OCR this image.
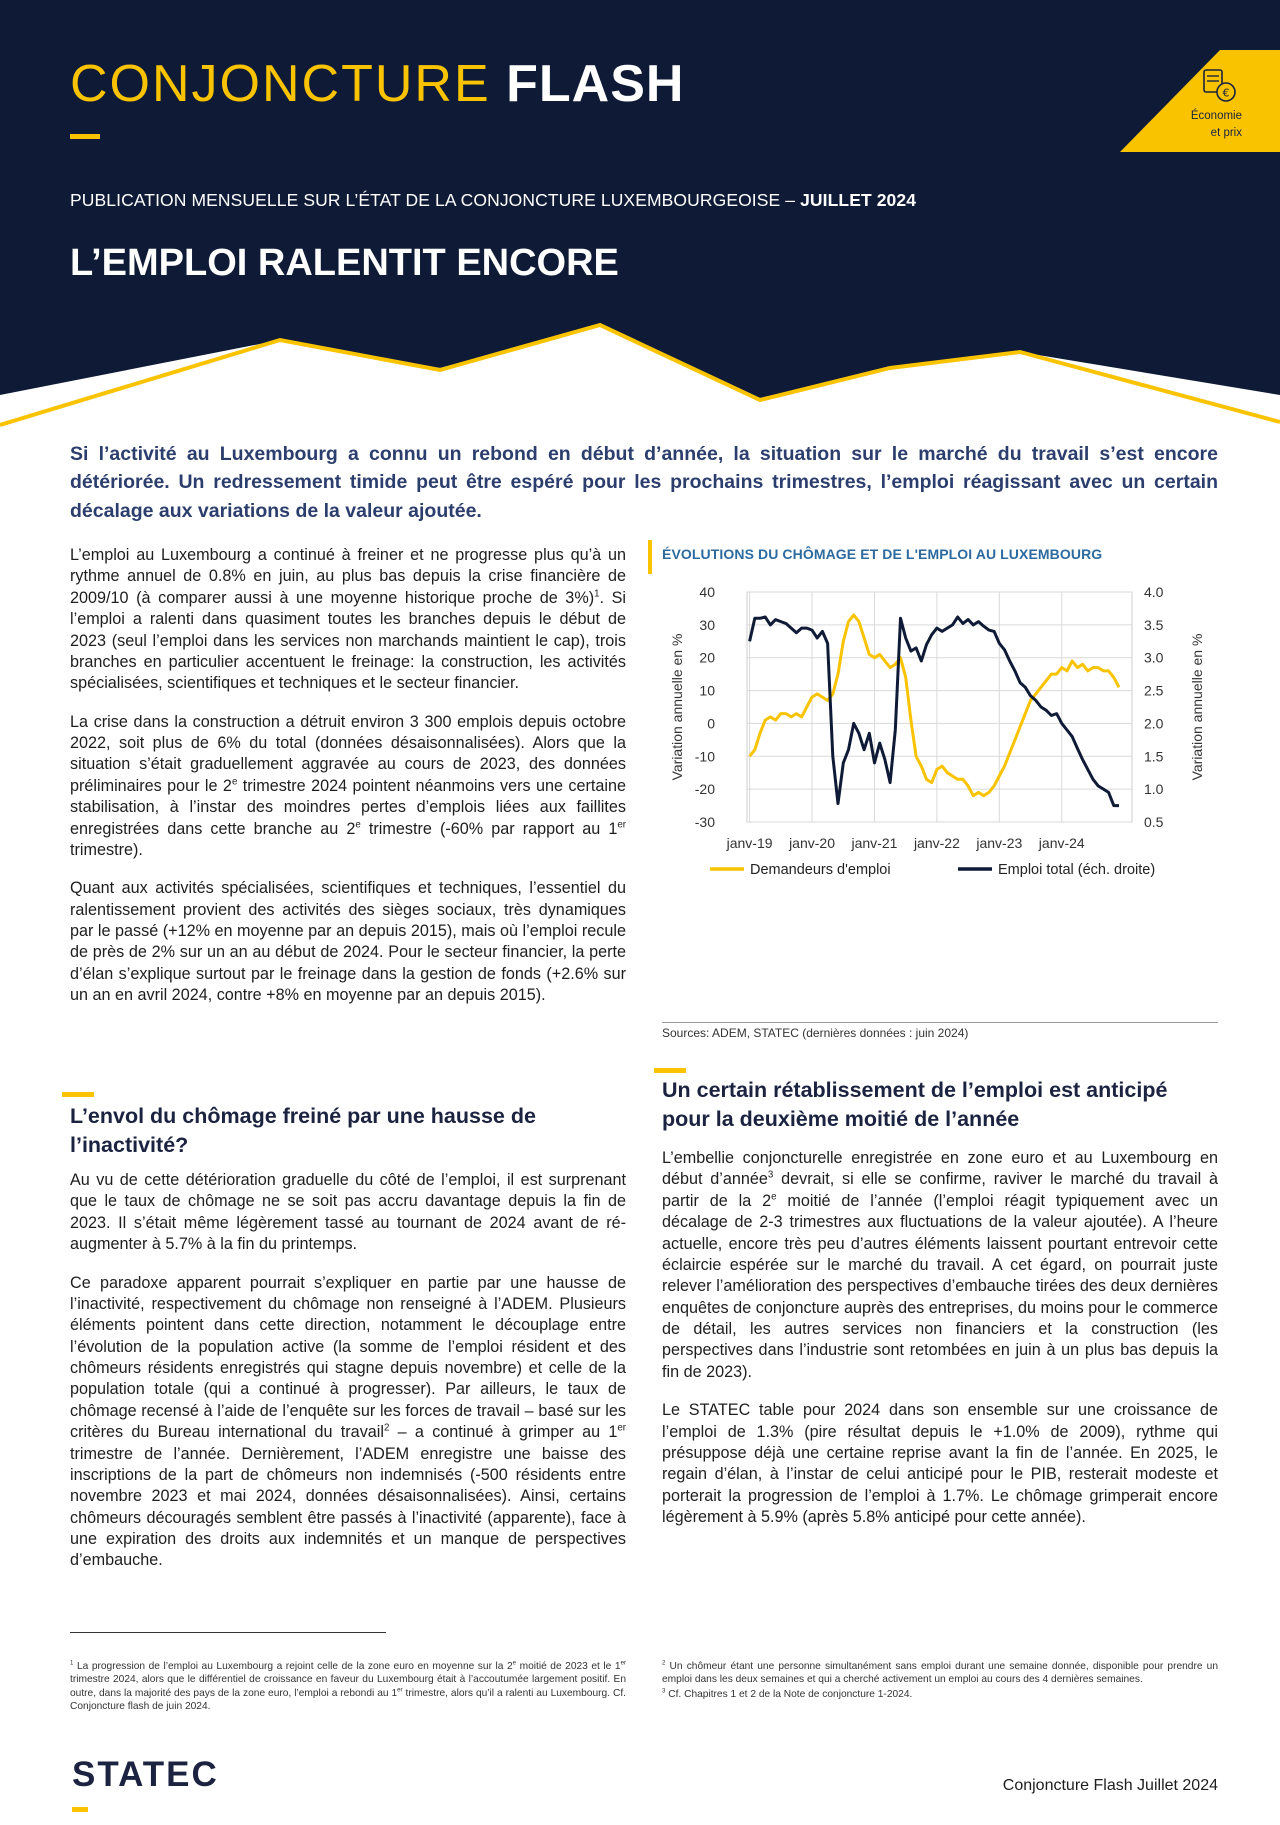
CONJONCTURE FLASH
PUBLICATION MENSUELLE SUR L’ÉTAT DE LA CONJONCTURE LUXEMBOURGEOISE – JUILLET 2024
L’EMPLOI RALENTIT ENCORE
€
Économie
et prix
Si l’activité au Luxembourg a connu un rebond en début d’année, la situation sur le marché du travail s’est encore détériorée. Un redressement timide peut être espéré pour les prochains trimestres, l’emploi réagissant avec un certain décalage aux variations de la valeur ajoutée.

L’emploi au Luxembourg a continué à freiner et ne progresse plus qu’à un rythme annuel de 0.8% en juin, au plus bas depuis la crise financière de 2009/10 (à comparer aussi à une moyenne historique proche de 3%)$^1$. Si l’emploi a ralenti dans quasiment toutes les branches depuis le début de 2023 (seul l’emploi dans les services non marchands maintient le cap), trois branches en particulier accentuent le freinage: la construction, les activités spécialisées, scientifiques et techniques et le secteur financier.

La crise dans la construction a détruit environ 3 300 emplois depuis octobre 2022, soit plus de 6% du total (données désaisonnalisées). Alors que la situation s’était graduellement aggravée au cours de 2023, des données préliminaires pour le 2e trimestre 2024 pointent néanmoins vers une certaine stabilisation, à l’instar des moindres pertes d’emplois liées aux faillites enregistrées dans cette branche au 2e trimestre (-60% par rapport au 1er trimestre).

Quant aux activités spécialisées, scientifiques et techniques, l’essentiel du ralentissement provient des activités des sièges sociaux, très dynamiques par le passé (+12% en moyenne par an depuis 2015), mais où l’emploi recule de près de 2% sur un an au début de 2024. Pour le secteur financier, la perte d’élan s’explique surtout par le freinage dans la gestion de fonds (+2.6% sur un an en avril 2024, contre +8% en moyenne par an depuis 2015).

L’envol du chômage freiné par une hausse de l’inactivité?

Au vu de cette détérioration graduelle du côté de l’emploi, il est surprenant que le taux de chômage ne se soit pas accru davantage depuis la fin de 2023. Il s’était même légèrement tassé au tournant de 2024 avant de ré-augmenter à 5.7% à la fin du printemps.

Ce paradoxe apparent pourrait s’expliquer en partie par une hausse de l’inactivité, respectivement du chômage non renseigné à l’ADEM. Plusieurs éléments pointent dans cette direction, notamment le découplage entre l’évolution de la population active (la somme de l’emploi résident et des chômeurs résidents enregistrés qui stagne depuis novembre) et celle de la population totale (qui a continué à progresser). Par ailleurs, le taux de chômage recensé à l’aide de l’enquête sur les forces de travail – basé sur les critères du Bureau international du travail$^2$ – a continué à grimper au 1er trimestre de l’année. Dernièrement, l’ADEM enregistre une baisse des inscriptions de la part de chômeurs non indemnisés (-500 résidents entre novembre 2023 et mai 2024, données désaisonnalisées). Ainsi, certains chômeurs découragés semblent être passés à l’inactivité (apparente), face à une expiration des droits aux indemnités et un manque de perspectives d’embauche.

ÉVOLUTIONS DU CHÔMAGE ET DE L'EMPLOI AU LUXEMBOURG
40
30
20
10
0
-10
-20
-30
4.0
3.5
3.0
2.5
2.0
1.5
1.0
0.5
janv-19 janv-20 janv-21 janv-22 janv-23 janv-24
Variation annuelle en %	Variation annuelle en %
Demandeurs d'emploi	Emploi total (éch. droite)
Sources: ADEM, STATEC (dernières données : juin 2024)
Un certain rétablissement de l’emploi est anticipé pour la deuxième moitié de l’année

L’embellie conjoncturelle enregistrée en zone euro et au Luxembourg en début d’année$^3$ devrait, si elle se confirme, raviver le marché du travail à partir de la 2e moitié de l’année (l’emploi réagit typiquement avec un décalage de 2-3 trimestres aux fluctuations de la valeur ajoutée). A l’heure actuelle, encore très peu d’autres éléments laissent pourtant entrevoir cette éclaircie espérée sur le marché du travail. A cet égard, on pourrait juste relever l’amélioration des perspectives d’embauche tirées des deux dernières enquêtes de conjoncture auprès des entreprises, du moins pour le commerce de détail, les autres services non financiers et la construction (les perspectives dans l’industrie sont retombées en juin à un plus bas depuis la fin de 2023).

Le STATEC table pour 2024 dans son ensemble sur une croissance de l’emploi de 1.3% (pire résultat depuis le +1.0% de 2009), rythme qui présuppose déjà une certaine reprise avant la fin de l’année. En 2025, le regain d’élan, à l’instar de celui anticipé pour le PIB, resterait modeste et porterait la progression de l’emploi à 1.7%. Le chômage grimperait encore légèrement à 5.9% (après 5.8% anticipé pour cette année).

$^1$ La progression de l’emploi au Luxembourg a rejoint celle de la zone euro en moyenne sur la 2e moitié de 2023 et le 1er trimestre 2024, alors que le différentiel de croissance en faveur du Luxembourg était à l’accoutumée largement positif. En outre, dans la majorité des pays de la zone euro, l’emploi a rebondi au 1er trimestre, alors qu’il a ralenti au Luxembourg. Cf. Conjoncture flash de juin 2024.
$^2$ Un chômeur étant une personne simultanément sans emploi durant une semaine donnée, disponible pour prendre un emploi dans les deux semaines et qui a cherché activement un emploi au cours des 4 dernières semaines.
$^3$ Cf. Chapitres 1 et 2 de la Note de conjoncture 1-2024.
STATEC	Conjoncture Flash Juillet 2024
